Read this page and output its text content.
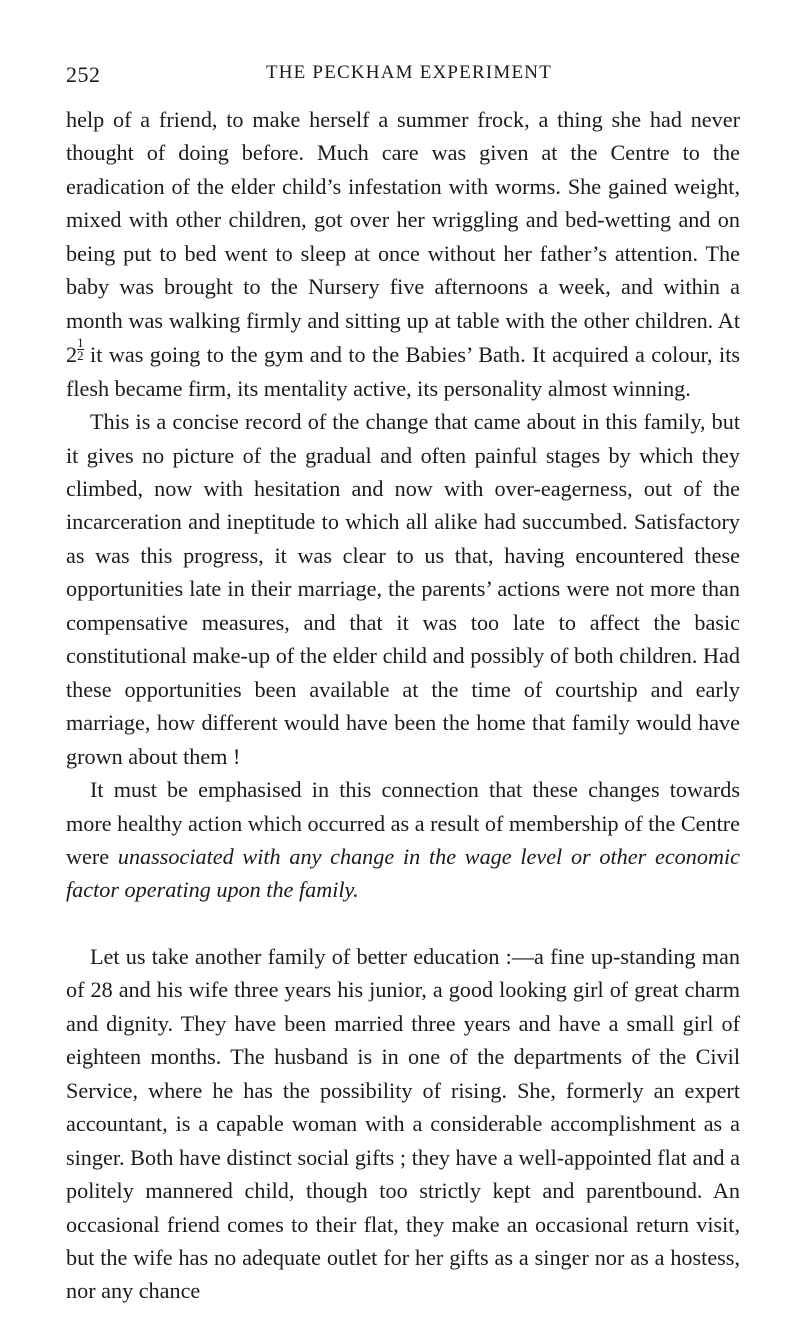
252	THE PECKHAM EXPERIMENT

help of a friend, to make herself a summer frock, a thing she had never thought of doing before. Much care was given at the Centre to the eradication of the elder child’s infestation with worms. She gained weight, mixed with other children, got over her wriggling and bed-wetting and on being put to bed went to sleep at once without her father’s attention. The baby was brought to the Nursery five afternoons a week, and within a month was walking firmly and sitting up at table with the other children. At $2 \frac{1}{2}$ it was going to the gym and to the Babies’ Bath. It acquired a colour, its flesh became firm, its mentality active, its personality almost winning.

This is a concise record of the change that came about in this family, but it gives no picture of the gradual and often painful stages by which they climbed, now with hesitation and now with over-eagerness, out of the incarceration and ineptitude to which all alike had succumbed. Satisfactory as was this progress, it was clear to us that, having encountered these opportunities late in their marriage, the parents’ actions were not more than compensative measures, and that it was too late to affect the basic constitutional make-up of the elder child and possibly of both children. Had these opportunities been available at the time of courtship and early marriage, how different would have been the home that family would have grown about them !

It must be emphasised in this connection that these changes towards more healthy action which occurred as a result of membership of the Centre were unassociated with any change in the wage level or other economic factor operating upon the family.

Let us take another family of better education :—a fine up-standing man of 28 and his wife three years his junior, a good looking girl of great charm and dignity. They have been married three years and have a small girl of eighteen months. The husband is in one of the departments of the Civil Service, where he has the possibility of rising. She, formerly an expert accountant, is a capable woman with a considerable accomplishment as a singer. Both have distinct social gifts ; they have a well-appointed flat and a politely mannered child, though too strictly kept and parentbound. An occasional friend comes to their flat, they make an occasional return visit, but the wife has no adequate outlet for her gifts as a singer nor as a hostess, nor any chance
